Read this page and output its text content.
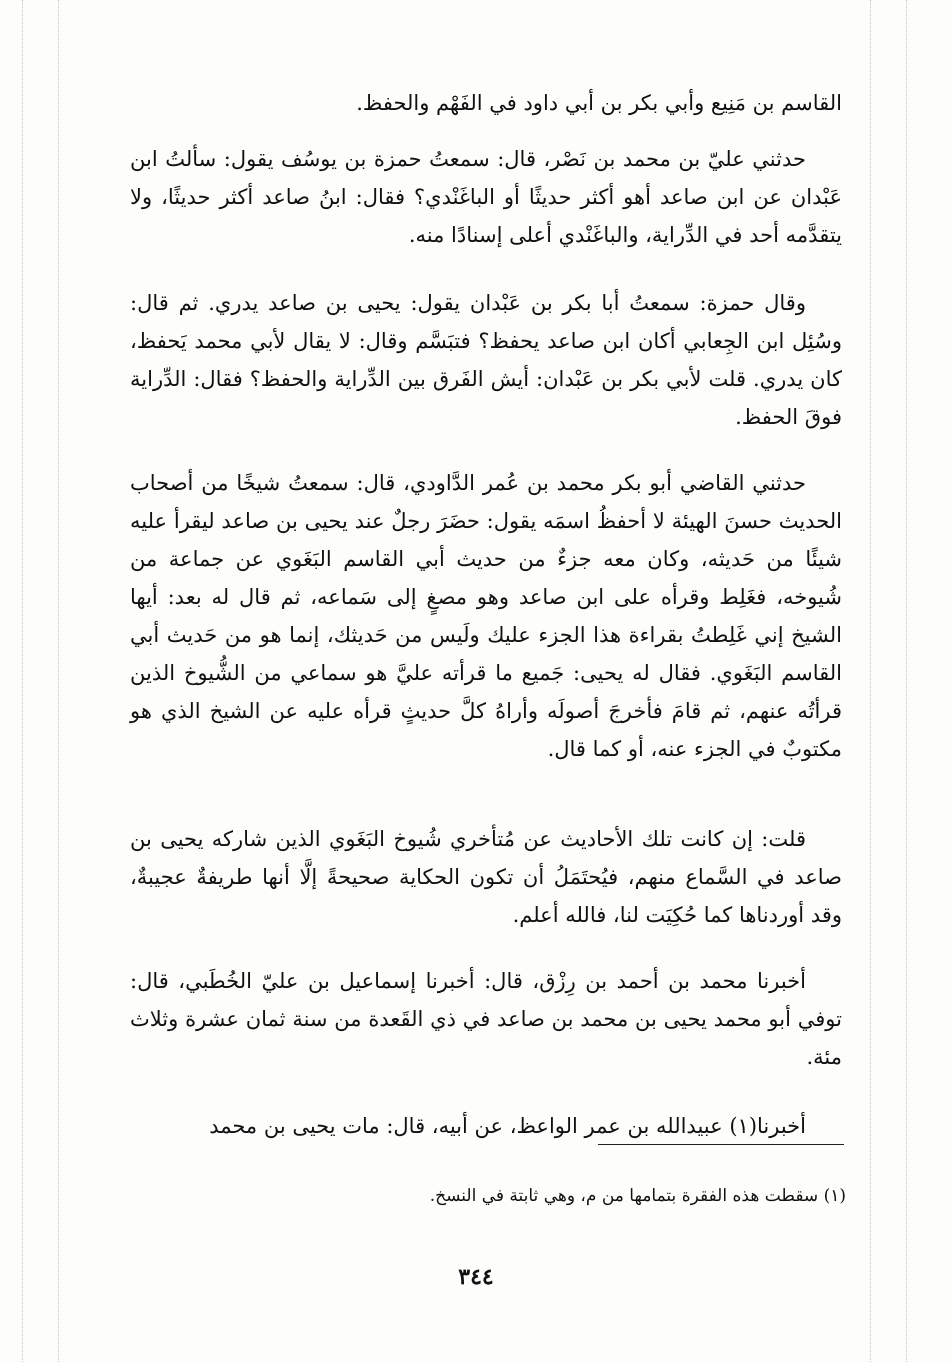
القاسم بن مَنِيع وأبي بكر بن أبي داود في الفَهْم والحفظ.

حدثني عليّ بن محمد بن نَصْر، قال: سمعتُ حمزة بن يوسُف يقول: سألتُ ابن عَبْدان عن ابن صاعد أهو أكثر حديثًا أو الباغَنْدي؟ فقال: ابنُ صاعد أكثر حديثًا، ولا يتقدَّمه أحد في الدِّراية، والباغَنْدي أعلى إسنادًا منه.

وقال حمزة: سمعتُ أبا بكر بن عَبْدان يقول: يحيى بن صاعد يدري. ثم قال: وسُئِل ابن الجِعابي أكان ابن صاعد يحفظ؟ فتبَسَّم وقال: لا يقال لأبي محمد يَحفظ، كان يدري. قلت لأبي بكر بن عَبْدان: أيش الفَرق بين الدِّراية والحفظ؟ فقال: الدِّراية فوقَ الحفظ.

حدثني القاضي أبو بكر محمد بن عُمر الدَّاودي، قال: سمعتُ شيخًا من أصحاب الحديث حسنَ الهيئة لا أحفظُ اسمَه يقول: حضَرَ رجلٌ عند يحيى بن صاعد ليقرأ عليه شيئًا من حَديثه، وكان معه جزءٌ من حديث أبي القاسم البَغَوي عن جماعة من شُيوخه، فغَلِط وقرأه على ابن صاعد وهو مصغٍ إلى سَماعه، ثم قال له بعد: أيها الشيخ إني غَلِطتُ بقراءة هذا الجزء عليك ولَيس من حَديثك، إنما هو من حَديث أبي القاسم البَغَوي. فقال له يحيى: جَميع ما قرأته عليَّ هو سماعي من الشُّيوخ الذين قرأتُه عنهم، ثم قامَ فأخرجَ أصولَه وأراهُ كلَّ حديثٍ قرأه عليه عن الشيخ الذي هو مكتوبٌ في الجزء عنه، أو كما قال.

قلت: إن كانت تلك الأحاديث عن مُتأخري شُيوخ البَغَوي الذين شاركه يحيى بن صاعد في السَّماع منهم، فيُحتَمَلُ أن تكون الحكاية صحيحةً إلَّا أنها طريفةٌ عجيبةٌ، وقد أوردناها كما حُكِيَت لنا، فالله أعلم.

أخبرنا محمد بن أحمد بن رِزْق، قال: أخبرنا إسماعيل بن عليّ الخُطَبي، قال: توفي أبو محمد يحيى بن محمد بن صاعد في ذي القَعدة من سنة ثمان عشرة وثلاث مئة.

أخبرنا(١) عبيدالله بن عمر الواعظ، عن أبيه، قال: مات يحيى بن محمد

(١) سقطت هذه الفقرة بتمامها من م، وهي ثابتة في النسخ.

٣٤٤
